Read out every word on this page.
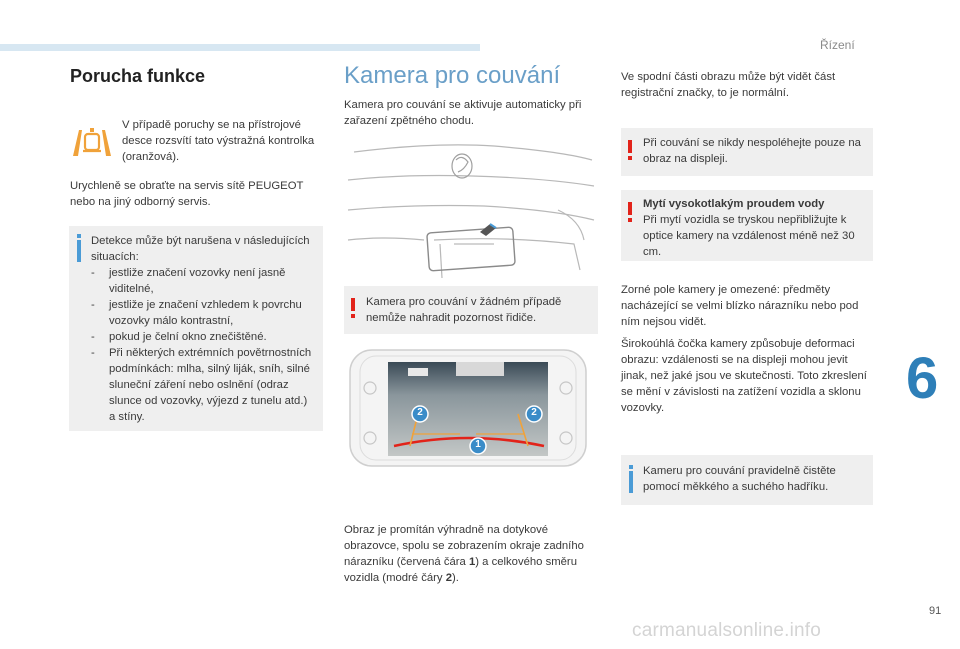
Řízení
6
Porucha funkce

V případě poruchy se na přístrojové desce rozsvítí tato výstražná kontrolka (oranžová).

Urychleně se obraťte na servis sítě PEUGEOT nebo na jiný odborný servis.

Detekce může být narušena v následujících situacích:
- jestliže značení vozovky není jasně viditelné,
- jestliže je značení vzhledem k povrchu vozovky málo kontrastní,
- pokud je čelní okno znečištěné.
- Při některých extrémních povětrnostních podmínkách: mlha, silný liják, sníh, silné sluneční záření nebo oslnění (odraz slunce od vozovky, výjezd z tunelu atd.) a stíny.
Kamera pro couvání

Kamera pro couvání se aktivuje automaticky při zařazení zpětného chodu.

Kamera pro couvání v žádném případě nemůže nahradit pozornost řidiče.
2	2
1

Obraz je promítán výhradně na dotykové obrazovce, spolu se zobrazením okraje zadního nárazníku (červená čára 1) a celkového směru vozidla (modré čáry 2).

Ve spodní části obrazu může být vidět část registrační značky, to je normální.

Při couvání se nikdy nespoléhejte pouze na obraz na displeji.
Mytí vysokotlakým proudem vody
Při mytí vozidla se tryskou nepřibližujte k optice kamery na vzdálenost méně než 30 cm.

Zorné pole kamery je omezené: předměty nacházející se velmi blízko nárazníku nebo pod ním nejsou vidět.

Širokoúhlá čočka kamery způsobuje deformaci obrazu: vzdálenosti se na displeji mohou jevit jinak, než jaké jsou ve skutečnosti. Toto zkreslení se mění v závislosti na zatížení vozidla a sklonu vozovky.

Kameru pro couvání pravidelně čistěte pomocí měkkého a suchého hadříku.
91
carmanualsonline.info
